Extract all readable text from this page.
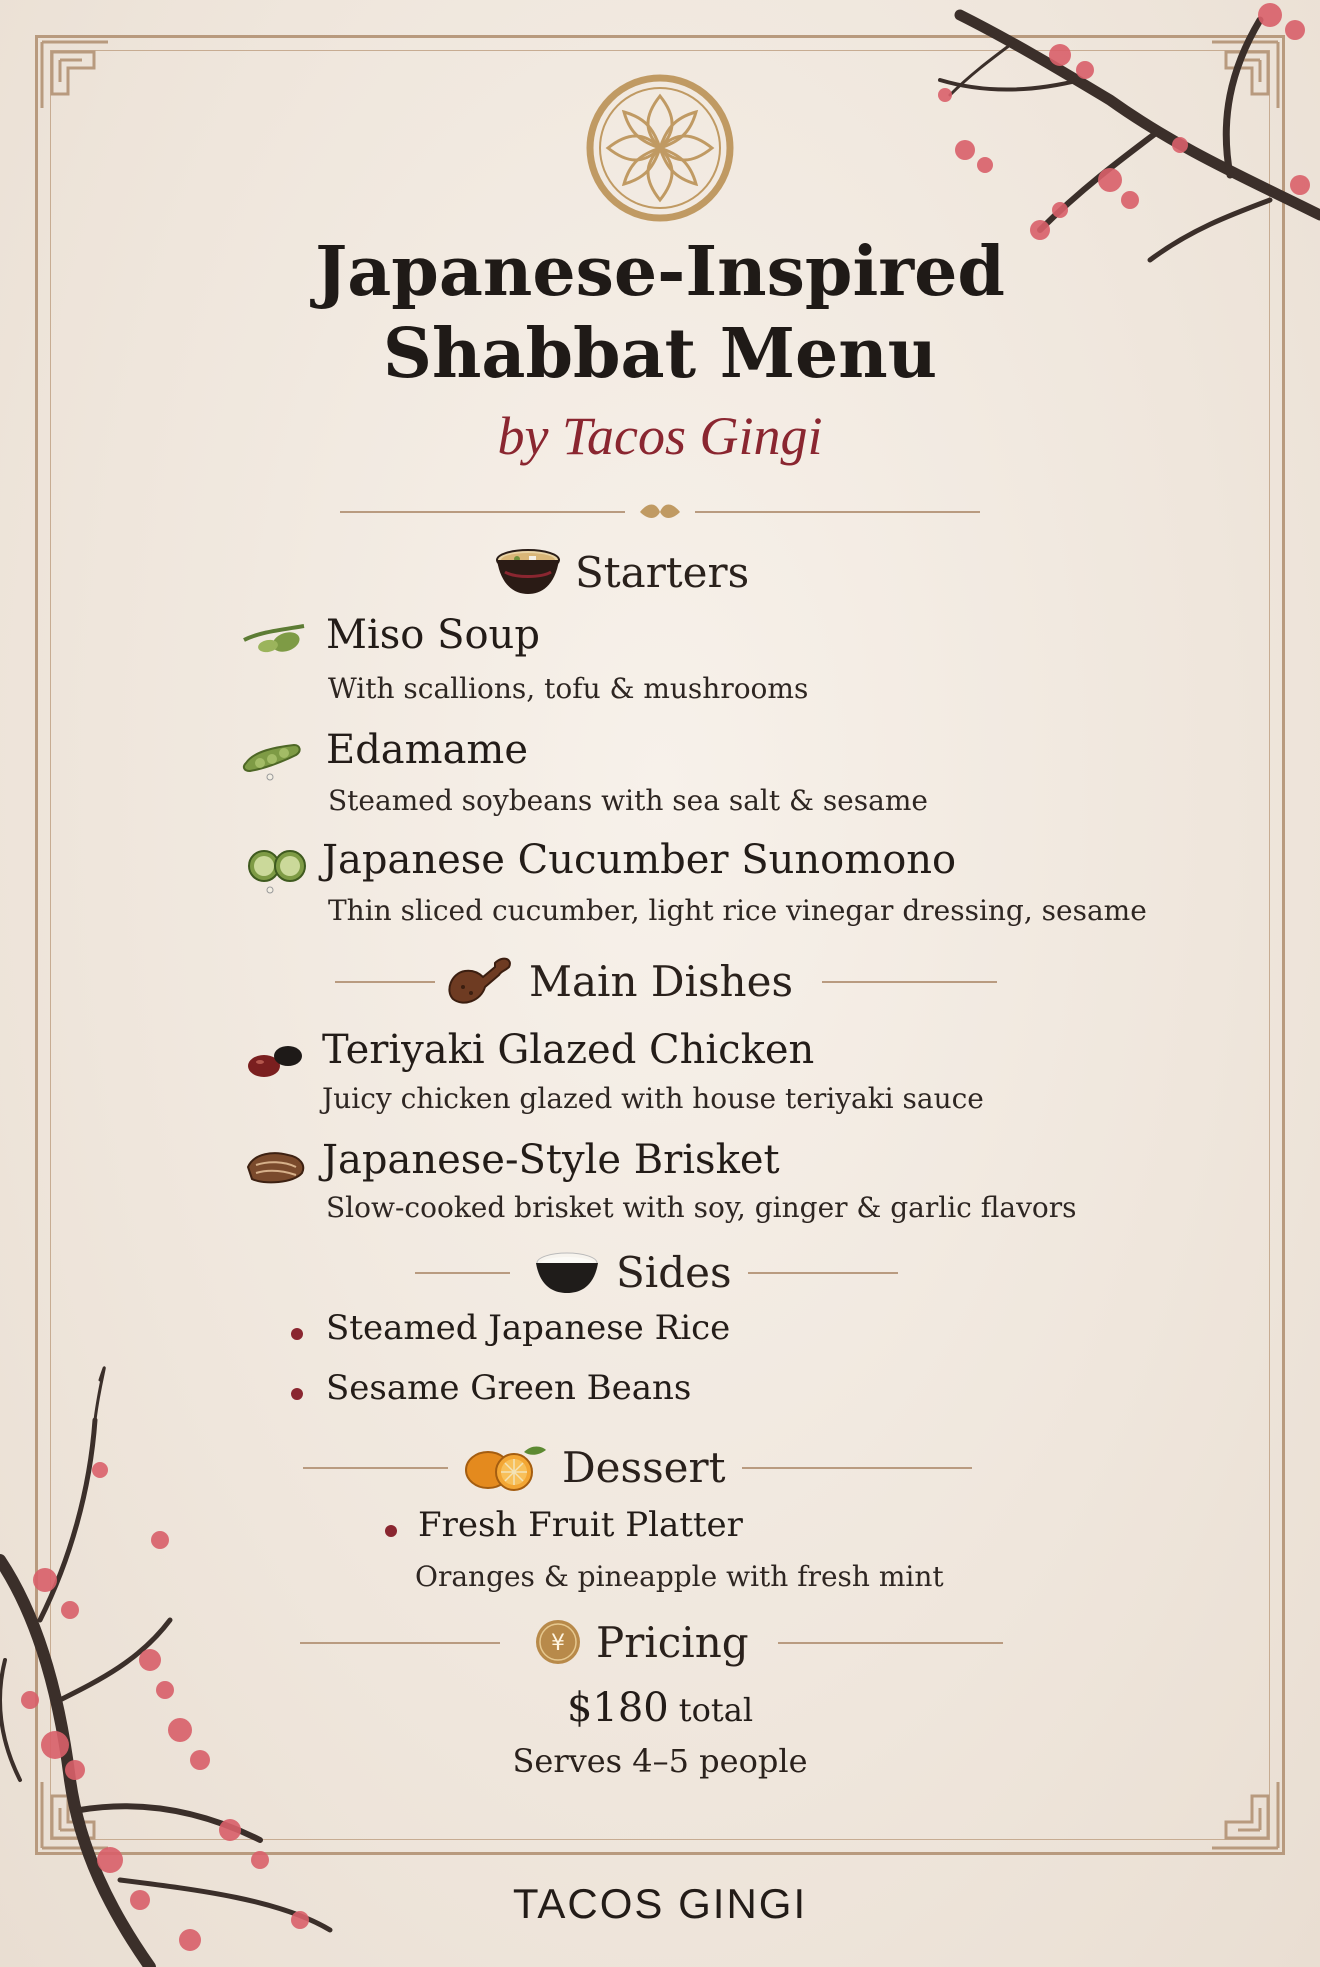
Japanese-Inspired
Shabbat Menu
by Tacos Gingi
Starters
Miso Soup
With scallions, tofu & mushrooms
Edamame
Steamed soybeans with sea salt & sesame
Japanese Cucumber Sunomono
Thin sliced cucumber, light rice vinegar dressing, sesame
Main Dishes
Teriyaki Glazed Chicken
Juicy chicken glazed with house teriyaki sauce
Japanese-Style Brisket
Slow-cooked brisket with soy, ginger & garlic flavors
Sides
Steamed Japanese Rice
Sesame Green Beans
Dessert
Fresh Fruit Platter
Oranges & pineapple with fresh mint
¥ Pricing
$180 total
Serves 4–5 people
TACOS GINGI
